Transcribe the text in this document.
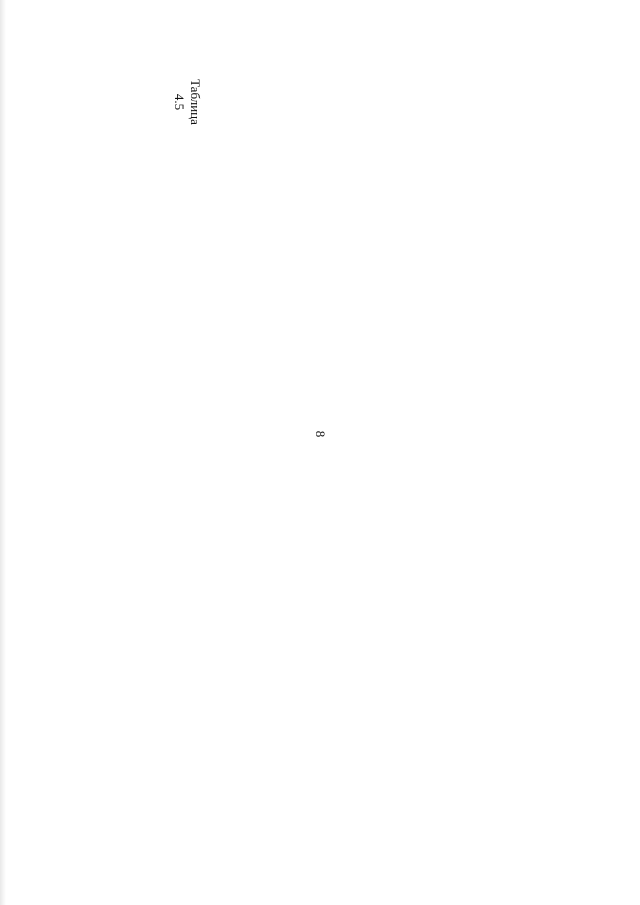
Таблица 4.5
8
